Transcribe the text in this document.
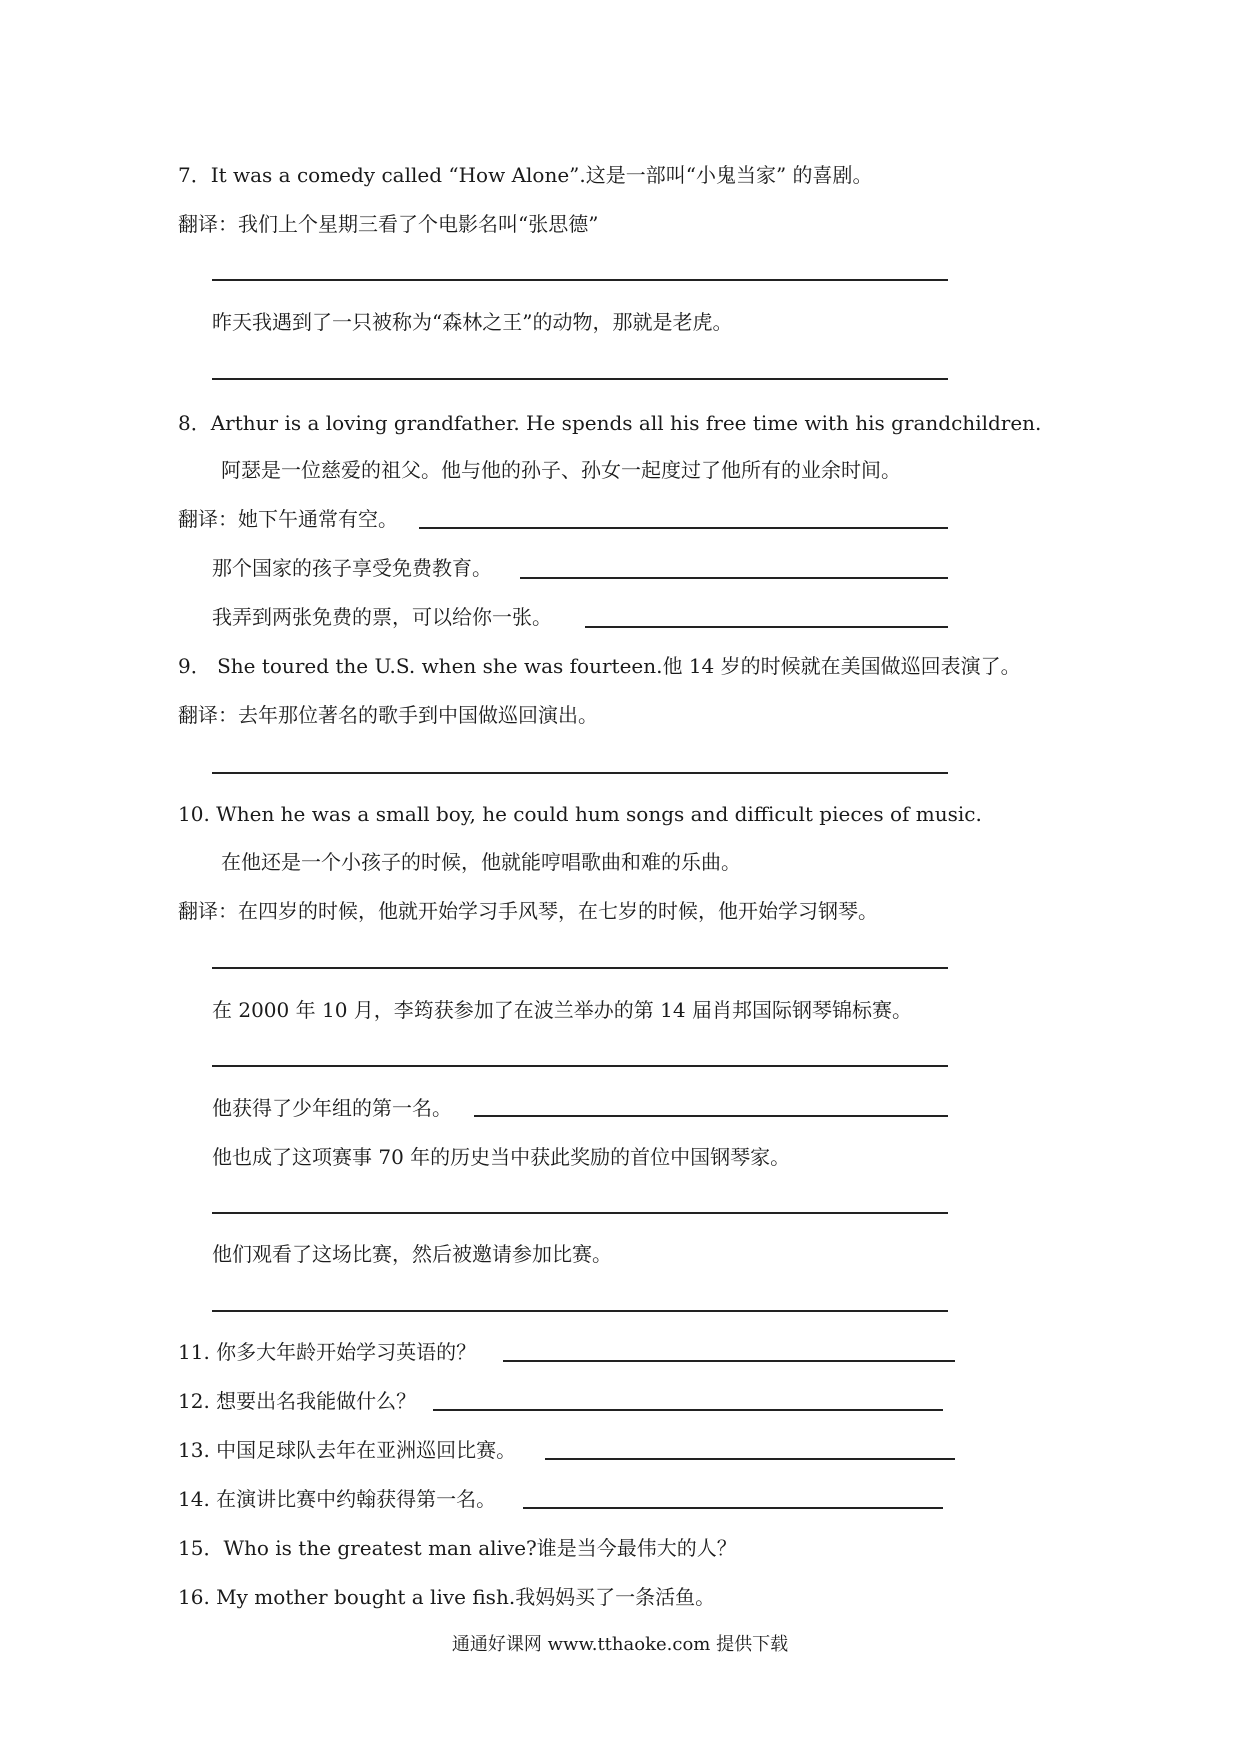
7．It was a comedy called “How Alone”.这是一部叫“小鬼当家” 的喜剧。
翻译：我们上个星期三看了个电影名叫“张思德”
昨天我遇到了一只被称为“森林之王”的动物，那就是老虎。
8．Arthur is a loving grandfather. He spends all his free time with his grandchildren.
阿瑟是一位慈爱的祖父。他与他的孙子、孙女一起度过了他所有的业余时间。
翻译：她下午通常有空。
那个国家的孩子享受免费教育。
我弄到两张免费的票，可以给你一张。
9． She toured the U.S. when she was fourteen.他 14 岁的时候就在美国做巡回表演了。
翻译：去年那位著名的歌手到中国做巡回演出。
10. When he was a small boy, he could hum songs and difficult pieces of music.
在他还是一个小孩子的时候，他就能哼唱歌曲和难的乐曲。
翻译：在四岁的时候，他就开始学习手风琴，在七岁的时候，他开始学习钢琴。
在 2000 年 10 月，李筠获参加了在波兰举办的第 14 届肖邦国际钢琴锦标赛。
他获得了少年组的第一名。
他也成了这项赛事 70 年的历史当中获此奖励的首位中国钢琴家。
他们观看了这场比赛，然后被邀请参加比赛。
11. 你多大年龄开始学习英语的？
12. 想要出名我能做什么？
13. 中国足球队去年在亚洲巡回比赛。
14. 在演讲比赛中约翰获得第一名。
15．Who is the greatest man alive?谁是当今最伟大的人？
16. My mother bought a live fish.我妈妈买了一条活鱼。
通通好课网 www.tthaoke.com 提供下载
